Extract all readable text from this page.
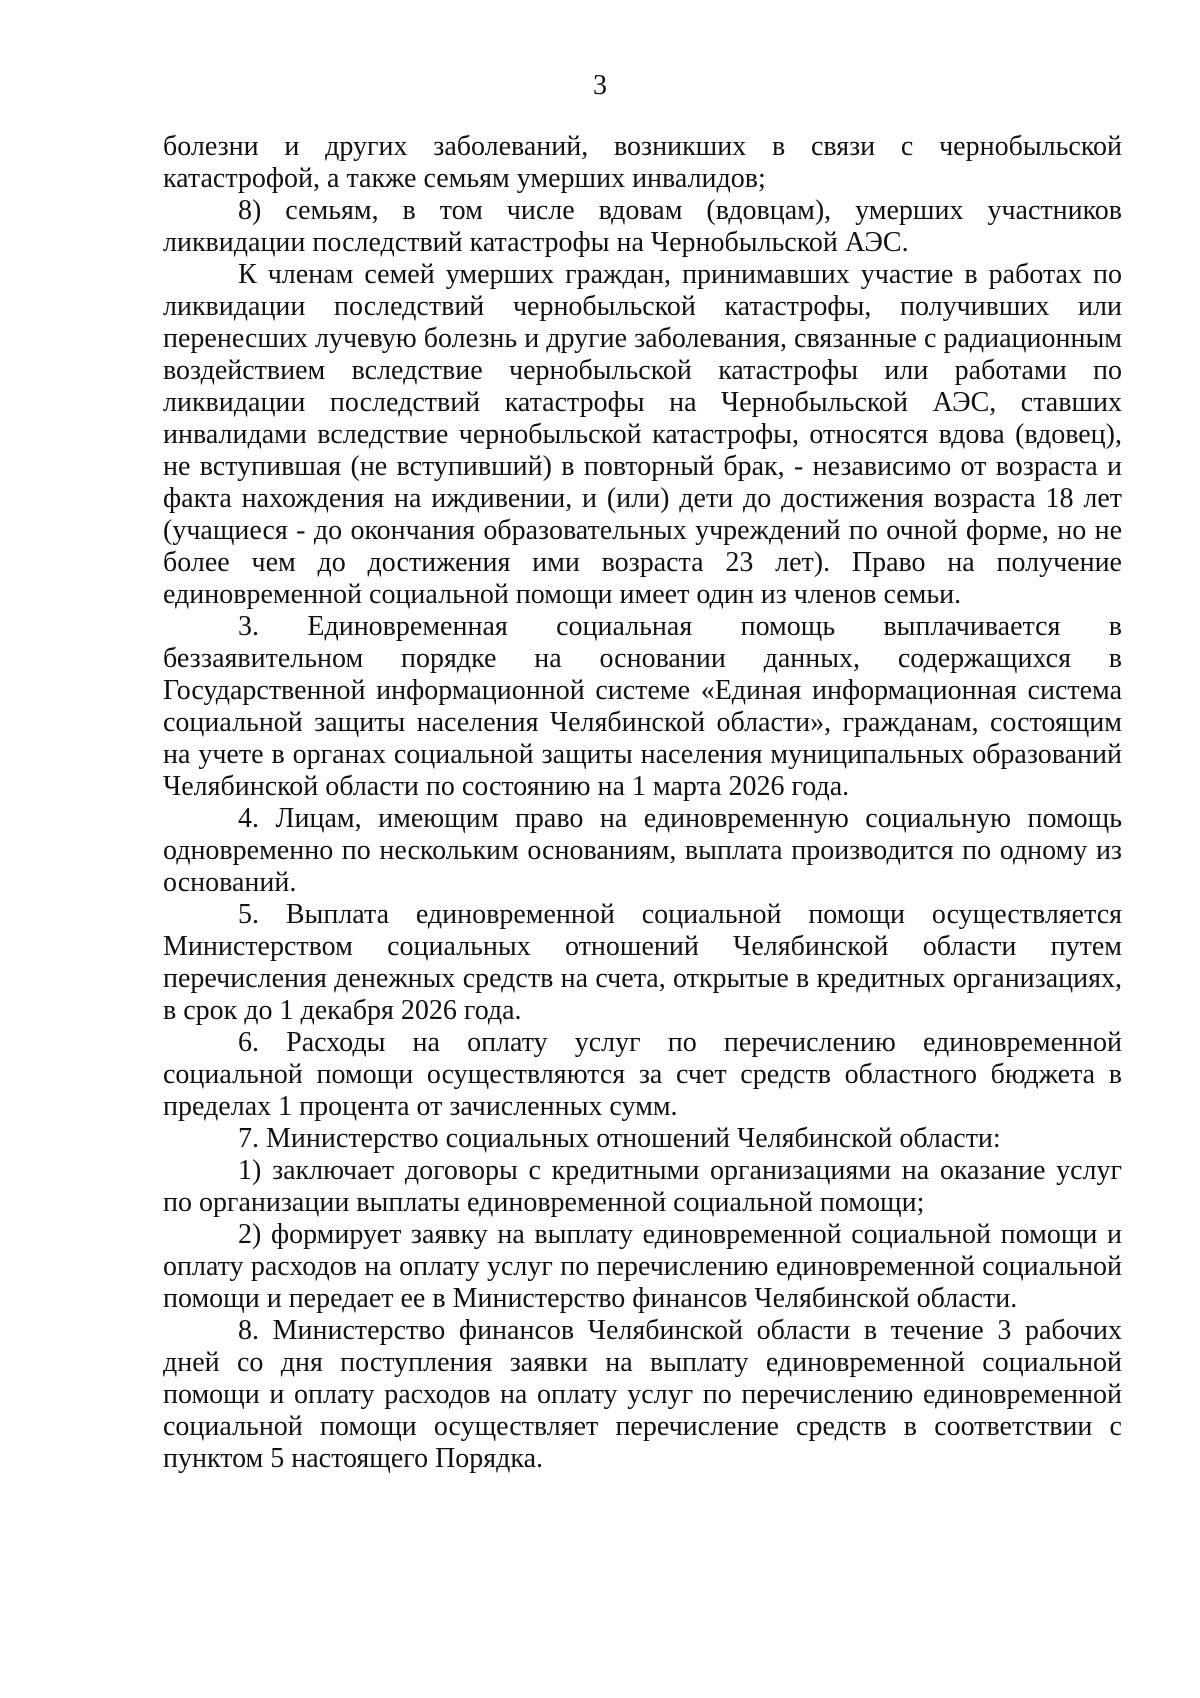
3

болезни и других заболеваний, возникших в связи с чернобыльской катастрофой, а также семьям умерших инвалидов;

8) семьям, в том числе вдовам (вдовцам), умерших участников ликвидации последствий катастрофы на Чернобыльской АЭС.

К членам семей умерших граждан, принимавших участие в работах по ликвидации последствий чернобыльской катастрофы, получивших или перенесших лучевую болезнь и другие заболевания, связанные с радиационным воздействием вследствие чернобыльской катастрофы или работами по ликвидации последствий катастрофы на Чернобыльской АЭС, ставших инвалидами вследствие чернобыльской катастрофы, относятся вдова (вдовец), не вступившая (не вступивший) в повторный брак, - независимо от возраста и факта нахождения на иждивении, и (или) дети до достижения возраста 18 лет (учащиеся - до окончания образовательных учреждений по очной форме, но не более чем до достижения ими возраста 23 лет). Право на получение единовременной социальной помощи имеет один из членов семьи.

3. Единовременная социальная помощь выплачивается в беззаявительном порядке на основании данных, содержащихся в Государственной информационной системе «Единая информационная система социальной защиты населения Челябинской области», гражданам, состоящим на учете в органах социальной защиты населения муниципальных образований Челябинской области по состоянию на 1 марта 2026 года.

4. Лицам, имеющим право на единовременную социальную помощь одновременно по нескольким основаниям, выплата производится по одному из оснований.

5. Выплата единовременной социальной помощи осуществляется Министерством социальных отношений Челябинской области путем перечисления денежных средств на счета, открытые в кредитных организациях, в срок до 1 декабря 2026 года.

6. Расходы на оплату услуг по перечислению единовременной социальной помощи осуществляются за счет средств областного бюджета в пределах 1 процента от зачисленных сумм.

7. Министерство социальных отношений Челябинской области:

1) заключает договоры с кредитными организациями на оказание услуг по организации выплаты единовременной социальной помощи;

2) формирует заявку на выплату единовременной социальной помощи и оплату расходов на оплату услуг по перечислению единовременной социальной помощи и передает ее в Министерство финансов Челябинской области.

8. Министерство финансов Челябинской области в течение 3 рабочих дней со дня поступления заявки на выплату единовременной социальной помощи и оплату расходов на оплату услуг по перечислению единовременной социальной помощи осуществляет перечисление средств в соответствии с пунктом 5 настоящего Порядка.
